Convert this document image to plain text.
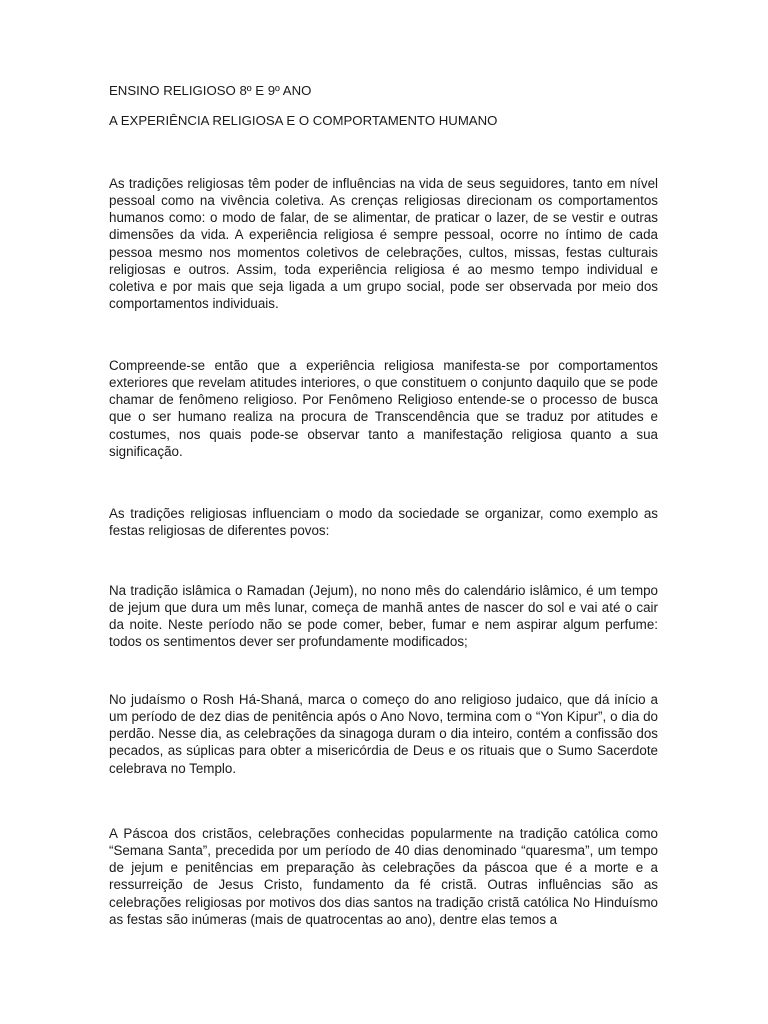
ENSINO RELIGIOSO 8º E 9º ANO

A EXPERIÊNCIA RELIGIOSA E O COMPORTAMENTO HUMANO

As tradições religiosas têm poder de influências na vida de seus seguidores, tanto em nível pessoal como na vivência coletiva. As crenças religiosas direcionam os comportamentos humanos como: o modo de falar, de se alimentar, de praticar o lazer, de se vestir e outras dimensões da vida. A experiência religiosa é sempre pessoal, ocorre no íntimo de cada pessoa mesmo nos momentos coletivos de celebrações, cultos, missas, festas culturais religiosas e outros. Assim, toda experiência religiosa é ao mesmo tempo individual e coletiva e por mais que seja ligada a um grupo social, pode ser observada por meio dos comportamentos individuais.

Compreende-se então que a experiência religiosa manifesta-se por comportamentos exteriores que revelam atitudes interiores, o que constituem o conjunto daquilo que se pode chamar de fenômeno religioso. Por Fenômeno Religioso entende-se o processo de busca que o ser humano realiza na procura de Transcendência que se traduz por atitudes e costumes, nos quais pode-se observar tanto a manifestação religiosa quanto a sua significação.

As tradições religiosas influenciam o modo da sociedade se organizar, como exemplo as festas religiosas de diferentes povos:

Na tradição islâmica o Ramadan (Jejum), no nono mês do calendário islâmico, é um tempo de jejum que dura um mês lunar, começa de manhã antes de nascer do sol e vai até o cair da noite. Neste período não se pode comer, beber, fumar e nem aspirar algum perfume: todos os sentimentos dever ser profundamente modificados;

No judaísmo o Rosh Há-Shaná, marca o começo do ano religioso judaico, que dá início a um período de dez dias de penitência após o Ano Novo, termina com o “Yon Kipur”, o dia do perdão. Nesse dia, as celebrações da sinagoga duram o dia inteiro, contém a confissão dos pecados, as súplicas para obter a misericórdia de Deus e os rituais que o Sumo Sacerdote celebrava no Templo.

A Páscoa dos cristãos, celebrações conhecidas popularmente na tradição católica como “Semana Santa”, precedida por um período de 40 dias denominado “quaresma”, um tempo de jejum e penitências em preparação às celebrações da páscoa que é a morte e a ressurreição de Jesus Cristo, fundamento da fé cristã. Outras influências são as celebrações religiosas por motivos dos dias santos na tradição cristã católica No Hinduísmo as festas são inúmeras (mais de quatrocentas ao ano), dentre elas temos a
